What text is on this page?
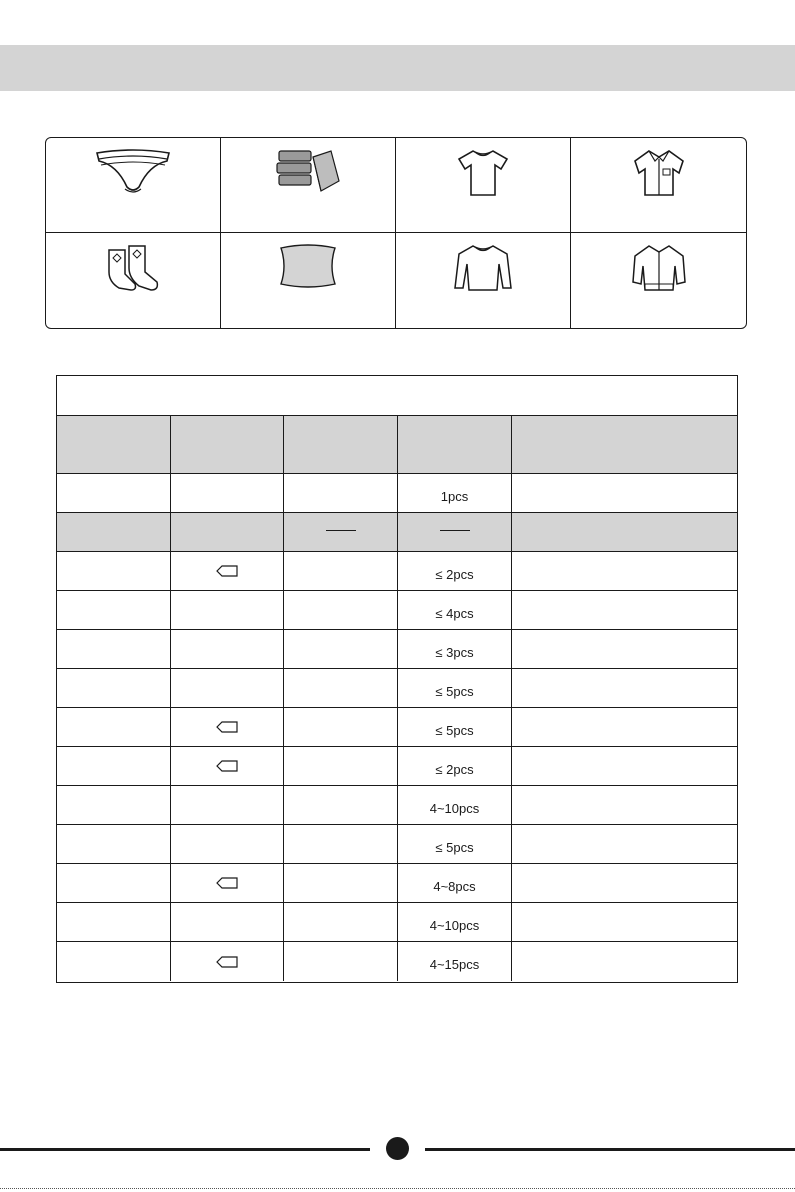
1pcs
≤ 2pcs
≤ 4pcs
≤ 3pcs
≤ 5pcs
≤ 5pcs
≤ 2pcs
4~10pcs
≤ 5pcs
4~8pcs
4~10pcs
4~15pcs
